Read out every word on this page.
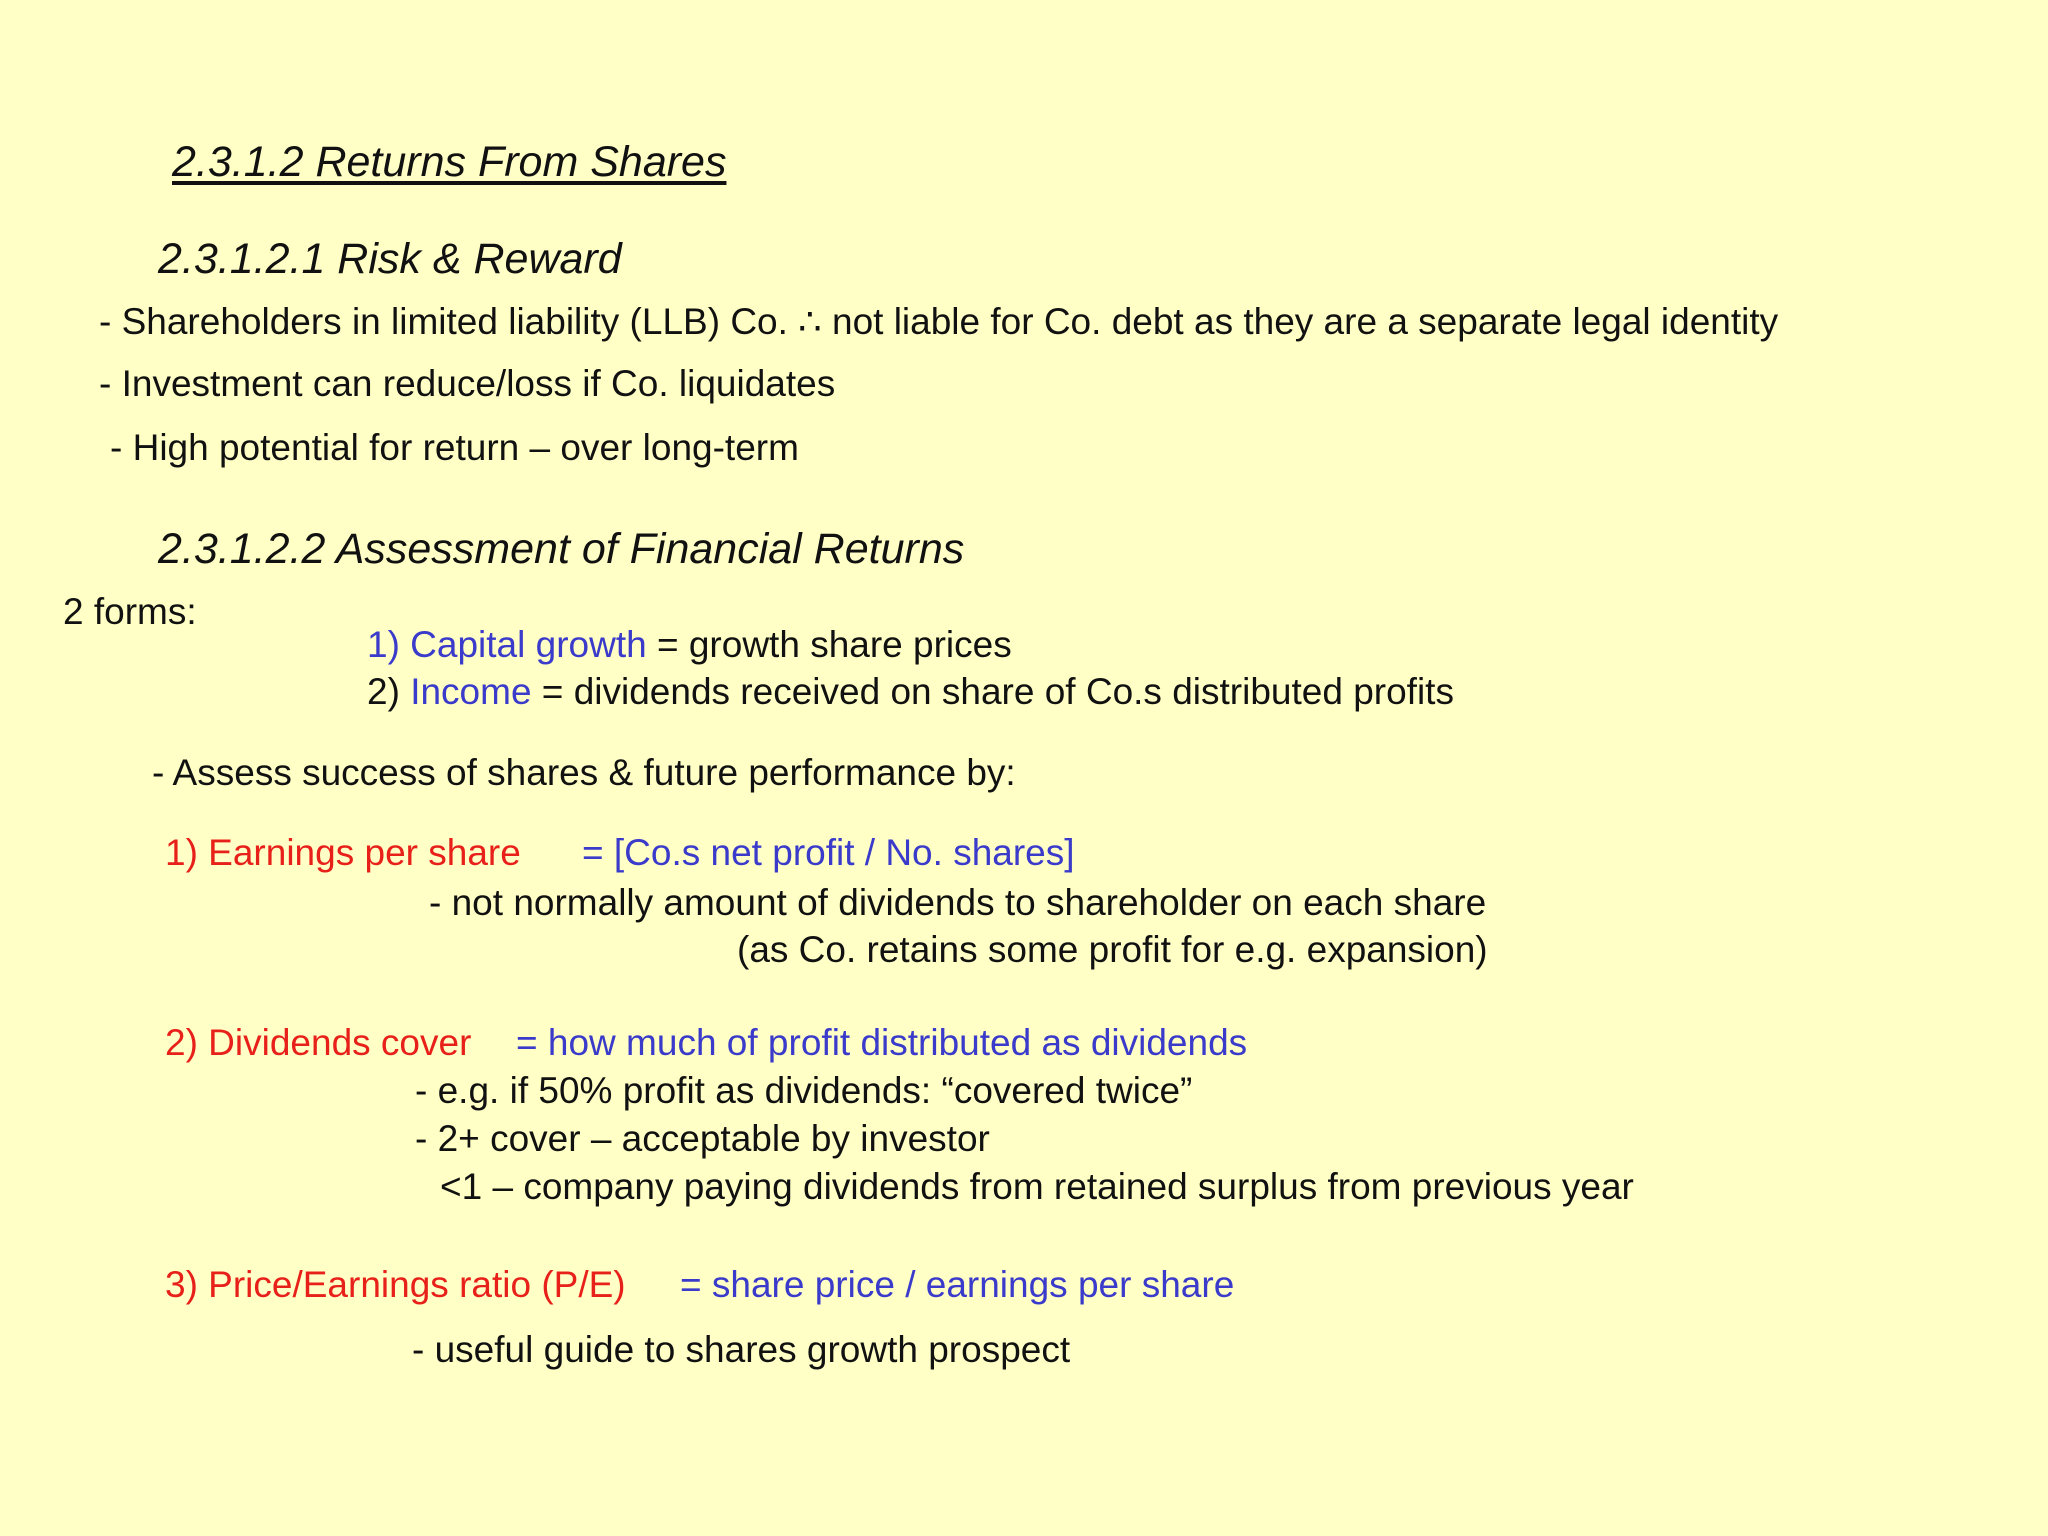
2.3.1.2 Returns From Shares
2.3.1.2.1 Risk & Reward
- Shareholders in limited liability (LLB) Co. ∴ not liable for Co. debt as they are a separate legal identity
- Investment can reduce/loss if Co. liquidates
- High potential for return – over long-term
2.3.1.2.2 Assessment of Financial Returns
2 forms:
1) Capital growth = growth share prices
2) Income = dividends received on share of Co.s distributed profits
- Assess success of shares & future performance by:
1) Earnings per share = [Co.s net profit / No. shares]
- not normally amount of dividends to shareholder on each share
(as Co. retains some profit for e.g. expansion)
2) Dividends cover = how much of profit distributed as dividends
- e.g. if 50% profit as dividends: “covered twice”
- 2+ cover – acceptable by investor
<1 – company paying dividends from retained surplus from previous year
3) Price/Earnings ratio (P/E) = share price / earnings per share
- useful guide to shares growth prospect
